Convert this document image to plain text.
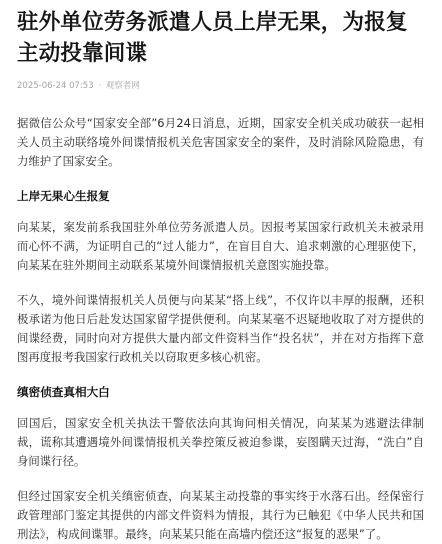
驻外单位劳务派遣人员上岸无果，为报复主动投靠间谍
2025-06-24 07:53 · 观察者网

据微信公众号“国家安全部”6月24日消息，近期，国家安全机关成功破获一起相关人员主动联络境外间谍情报机关危害国家安全的案件，及时消除风险隐患，有力维护了国家安全。

上岸无果心生报复

向某某，案发前系我国驻外单位劳务派遣人员。因报考某国家行政机关未被录用而心怀不满，为证明自己的“过人能力”，在盲目自大、追求刺激的心理驱使下，向某某在驻外期间主动联系某境外间谍情报机关意图实施投靠。

不久，境外间谍情报机关人员便与向某某“搭上线”，不仅许以丰厚的报酬，还积极承诺为他日后赴发达国家留学提供便利。向某某毫不迟疑地收取了对方提供的间谍经费，同时向对方提供大量内部文件资料当作“投名状”，并在对方指挥下意图再度报考我国家行政机关以窃取更多核心机密。

缜密侦查真相大白

回国后，国家安全机关执法干警依法向其询问相关情况，向某某为逃避法律制裁，谎称其遭遇境外间谍情报机关拳控策反被迫参谍，妄图瞒天过海，“洗白”自身间谍行径。

但经过国家安全机关缜密侦查，向某某主动投靠的事实终于水落石出。经保密行政管理部门鉴定其提供的内部文件资料为情报，其行为已触犯《中华人民共和国刑法》，构成间谍罪。最终，向某某只能在高墙内偿还这“报复的恶果”了。
